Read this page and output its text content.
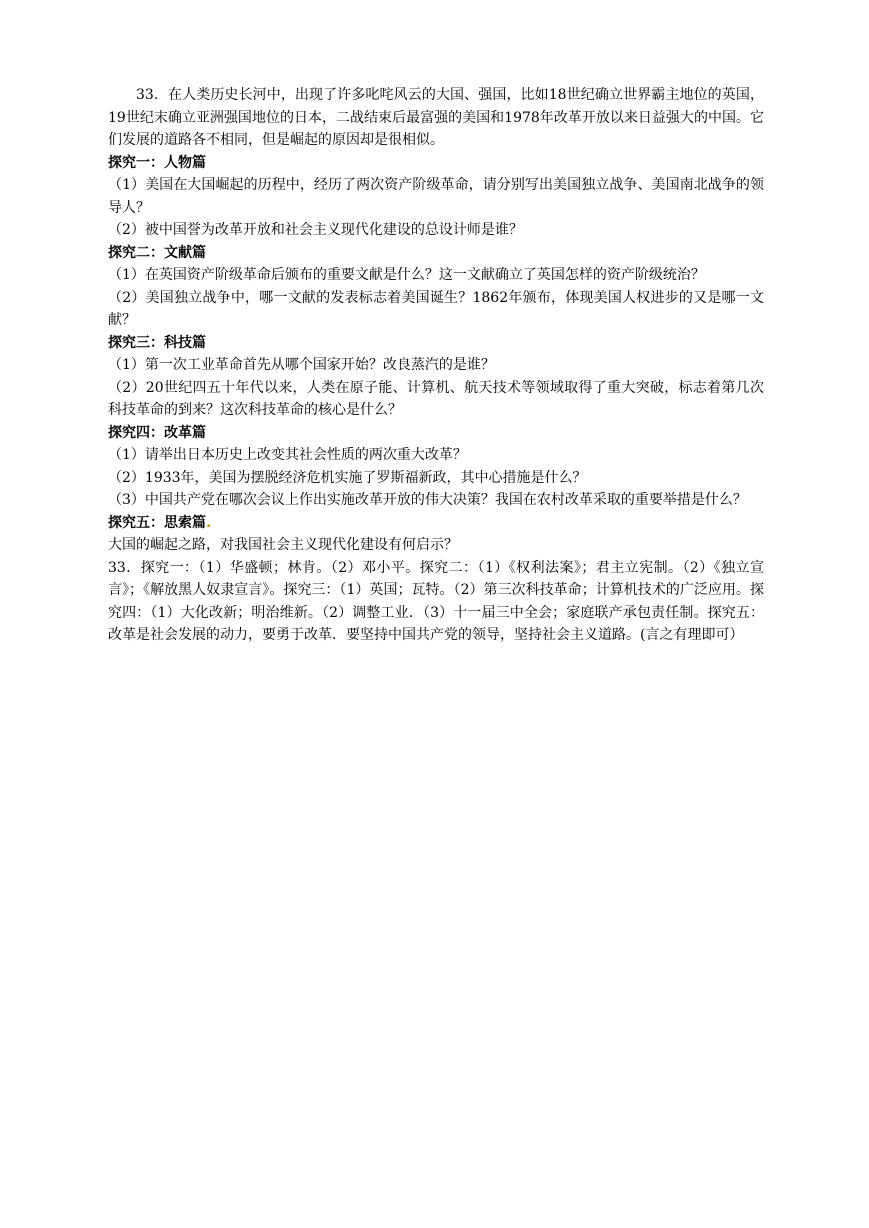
33．在人类历史长河中，出现了许多叱咤风云的大国、强国，比如18世纪确立世界霸主地位的英国，19世纪末确立亚洲强国地位的日本，二战结束后最富强的美国和1978年改革开放以来日益强大的中国。它们发展的道路各不相同，但是崛起的原因却是很相似。

探究一：人物篇

（1）美国在大国崛起的历程中，经历了两次资产阶级革命，请分别写出美国独立战争、美国南北战争的领导人？

（2）被中国誉为改革开放和社会主义现代化建设的总设计师是谁？

探究二：文献篇

（1）在英国资产阶级革命后颁布的重要文献是什么？这一文献确立了英国怎样的资产阶级统治？

（2）美国独立战争中，哪一文献的发表标志着美国诞生？1862年颁布，体现美国人权进步的又是哪一文献？

探究三：科技篇

（1）第一次工业革命首先从哪个国家开始？改良蒸汽的是谁？

（2）20世纪四五十年代以来，人类在原子能、计算机、航天技术等领域取得了重大突破，标志着第几次科技革命的到来？这次科技革命的核心是什么？

探究四：改革篇

（1）请举出日本历史上改变其社会性质的两次重大改革？

（2）1933年，美国为摆脱经济危机实施了罗斯福新政，其中心措施是什么？

（3）中国共产党在哪次会议上作出实施改革开放的伟大决策？我国在农村改革采取的重要举措是什么？

探究五：思索篇.

大国的崛起之路，对我国社会主义现代化建设有何启示？

33．探究一：（1）华盛顿；林肯。（2）邓小平。探究二：（1）《权利法案》；君主立宪制。（2）《独立宣言》；《解放黑人奴隶宣言》。探究三：（1）英国；瓦特。（2）第三次科技革命；计算机技术的广泛应用。探究四：（1）大化改新；明治维新。（2）调整工业．（3）十一届三中全会；家庭联产承包责任制。探究五：改革是社会发展的动力，要勇于改革．要坚持中国共产党的领导，坚持社会主义道路。(言之有理即可）
